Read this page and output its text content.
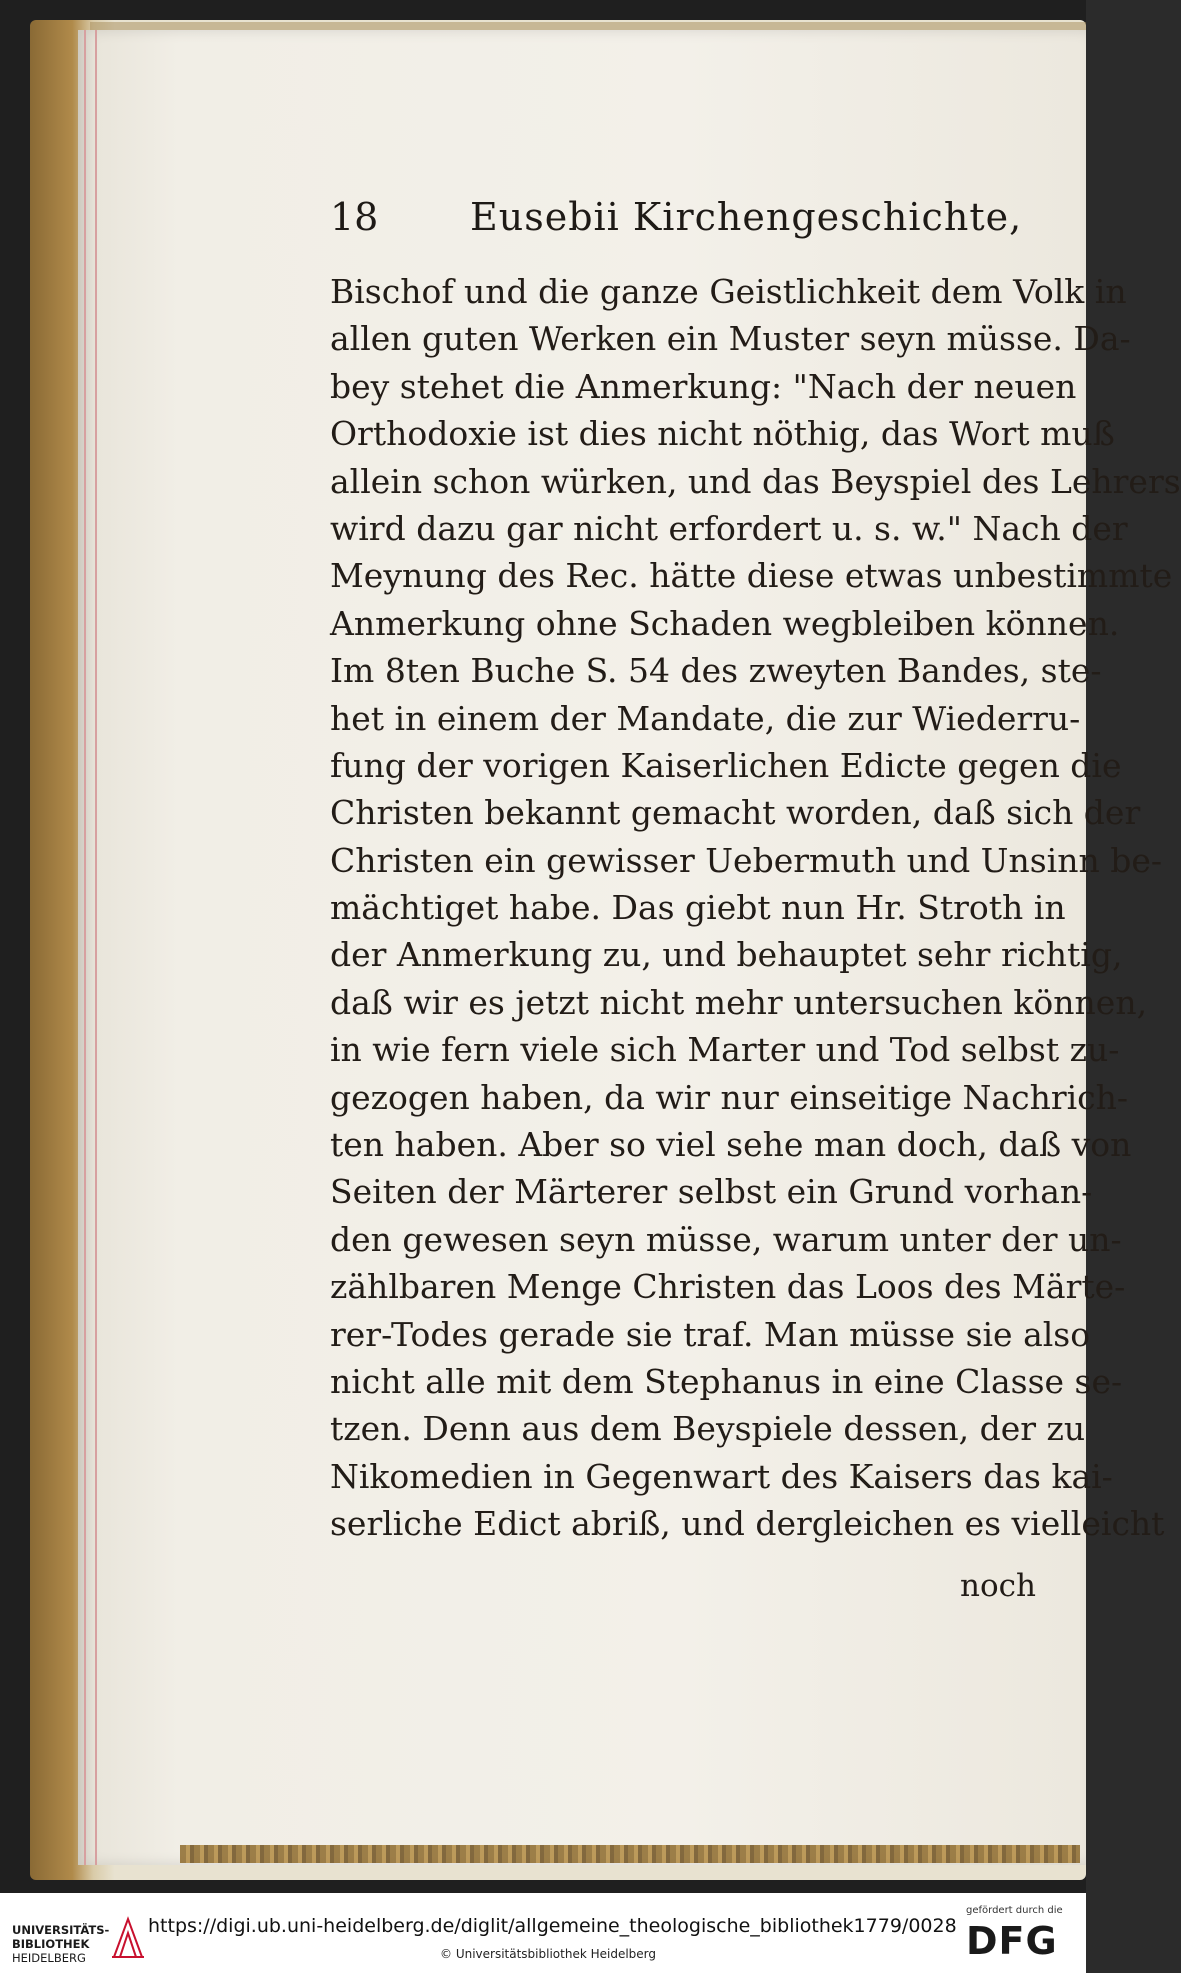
18 Eusebii Kirchengeschichte,
Bischof und die ganze Geistlichkeit dem Volk in
allen guten Werken ein Muster seyn müsse. Da-
bey stehet die Anmerkung: "Nach der neuen
Orthodoxie ist dies nicht nöthig, das Wort muß
allein schon würken, und das Beyspiel des Lehrers
wird dazu gar nicht erfordert u. s. w." Nach der
Meynung des Rec. hätte diese etwas unbestimmte
Anmerkung ohne Schaden wegbleiben können.
Im 8ten Buche S. 54 des zweyten Bandes, ste-
het in einem der Mandate, die zur Wiederru-
fung der vorigen Kaiserlichen Edicte gegen die
Christen bekannt gemacht worden, daß sich der
Christen ein gewisser Uebermuth und Unsinn be-
mächtiget habe. Das giebt nun Hr. Stroth in
der Anmerkung zu, und behauptet sehr richtig,
daß wir es jetzt nicht mehr untersuchen können,
in wie fern viele sich Marter und Tod selbst zu-
gezogen haben, da wir nur einseitige Nachrich-
ten haben. Aber so viel sehe man doch, daß von
Seiten der Märterer selbst ein Grund vorhan-
den gewesen seyn müsse, warum unter der un-
zählbaren Menge Christen das Loos des Märte-
rer-Todes gerade sie traf. Man müsse sie also
nicht alle mit dem Stephanus in eine Classe se-
tzen. Denn aus dem Beyspiele dessen, der zu
Nikomedien in Gegenwart des Kaisers das kai-
serliche Edict abriß, und dergleichen es vielleicht
noch
UNIVERSITÄTS-
BIBLIOTHEK
HEIDELBERG
https://digi.ub.uni-heidelberg.de/diglit/allgemeine_theologische_bibliothek1779/0028
© Universitätsbibliothek Heidelberg
gefördert durch die
DFG
